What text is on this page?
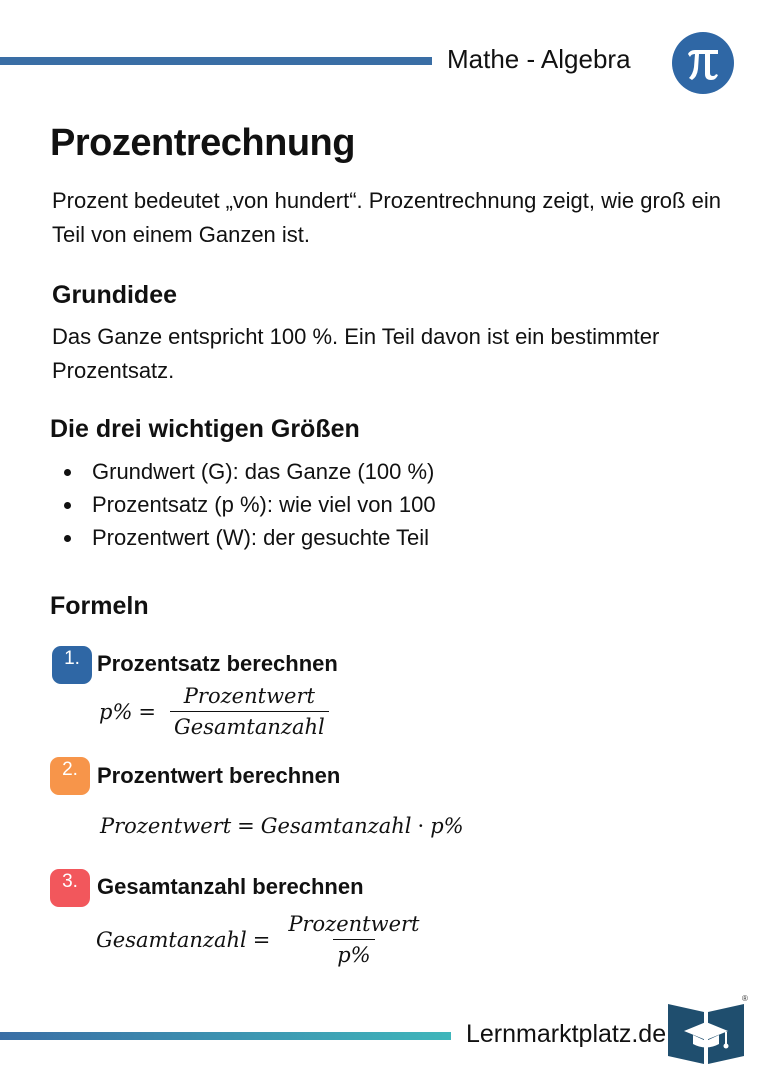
Mathe - Algebra
Prozentrechnung

Prozent bedeutet „von hundert“. Prozentrechnung zeigt, wie groß ein Teil von einem Ganzen ist.

Grundidee

Das Ganze entspricht 100 %. Ein Teil davon ist ein bestimmter Prozentsatz.

Die drei wichtigen Größen
Grundwert (G): das Ganze (100 %)
Prozentsatz (p %): wie viel von 100
Prozentwert (W): der gesuchte Teil
Formeln
1. Prozentsatz berechnen
$p\% = \frac{\text{Prozentwert}}{\text{Gesamtanzahl}}$
2. Prozentwert berechnen
Prozentwert = Gesamtanzahl · p%
3. Gesamtanzahl berechnen
Gesamtanzahl = $\frac{\text{Prozentwert}}{p\%}$
Lernmarktplatz.de
®
